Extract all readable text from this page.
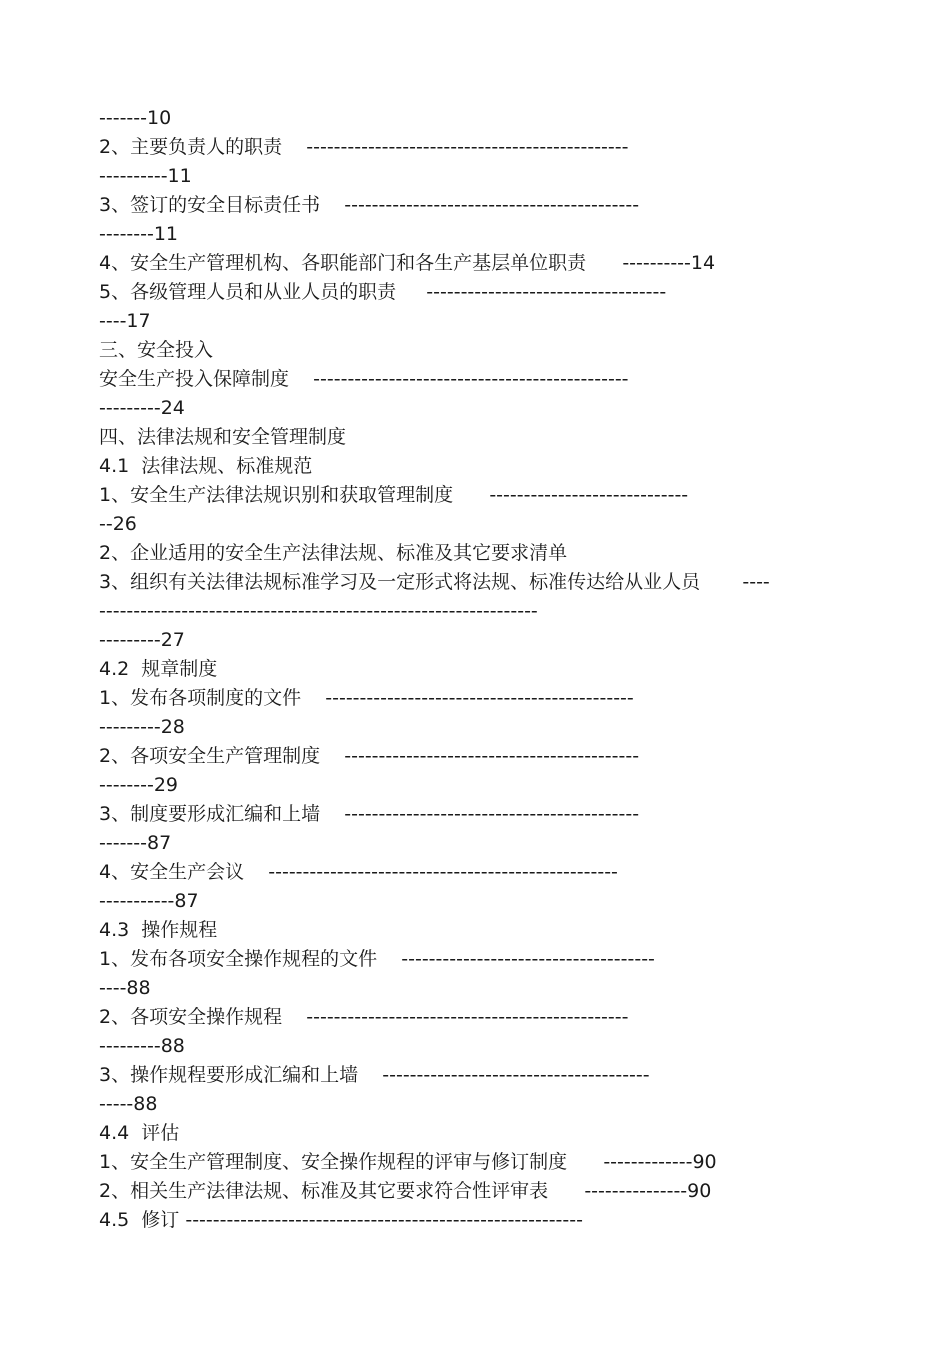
-------10
2、主要负责人的职责    -----------------------------------------------
----------11
3、签订的安全目标责任书    -------------------------------------------
--------11
4、安全生产管理机构、各职能部门和各生产基层单位职责      ----------14
5、各级管理人员和从业人员的职责     -----------------------------------
----17
三、安全投入
安全生产投入保障制度    ----------------------------------------------
---------24
四、法律法规和安全管理制度
4.1  法律法规、标准规范
1、安全生产法律法规识别和获取管理制度      -----------------------------
--26
2、企业适用的安全生产法律法规、标准及其它要求清单
3、组织有关法律法规标准学习及一定形式将法规、标准传达给从业人员       ----
----------------------------------------------------------------
---------27
4.2  规章制度
1、发布各项制度的文件    ---------------------------------------------
---------28
2、各项安全生产管理制度    -------------------------------------------
--------29
3、制度要形成汇编和上墙    -------------------------------------------
-------87
4、安全生产会议    ---------------------------------------------------
-----------87
4.3  操作规程
1、发布各项安全操作规程的文件    -------------------------------------
----88
2、各项安全操作规程    -----------------------------------------------
---------88
3、操作规程要形成汇编和上墙    ---------------------------------------
-----88
4.4  评估
1、安全生产管理制度、安全操作规程的评审与修订制度      -------------90
2、相关生产法律法规、标准及其它要求符合性评审表      ---------------90
4.5  修订 ----------------------------------------------------------
